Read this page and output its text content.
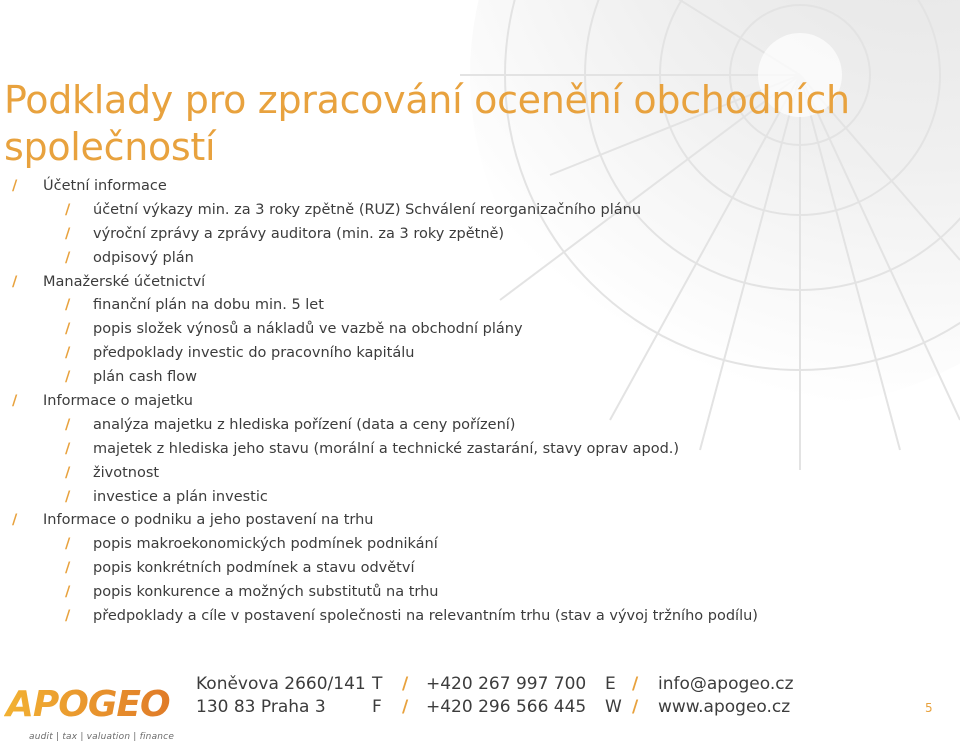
Podklady pro zpracování ocenění obchodních společností
/ Účetní informace
/ účetní výkazy min. za 3 roky zpětně (RUZ) Schválení reorganizačního plánu
/ výroční zprávy a zprávy auditora (min. za 3 roky zpětně)
/ odpisový plán
/ Manažerské účetnictví
/ finanční plán na dobu min. 5 let
/ popis složek výnosů a nákladů ve vazbě na obchodní plány
/ předpoklady investic do pracovního kapitálu
/ plán cash flow
/ Informace o majetku
/ analýza majetku z hlediska pořízení (data a ceny pořízení)
/ majetek z hlediska jeho stavu (morální a technické zastarání, stavy oprav apod.)
/ životnost
/ investice a plán investic
/ Informace o podniku a jeho postavení na trhu
/ popis makroekonomických podmínek podnikání
/ popis konkrétních podmínek a stavu odvětví
/ popis konkurence a možných substitutů na trhu
/ předpoklady a cíle v postavení společnosti na relevantním trhu (stav a vývoj tržního podílu)
APOGEO
audit | tax | valuation | finance
Koněvova 2660/141
130 83 Praha 3
T / +420 267 997 700
F / +420 296 566 445
E / info@apogeo.cz
W / www.apogeo.cz	5
